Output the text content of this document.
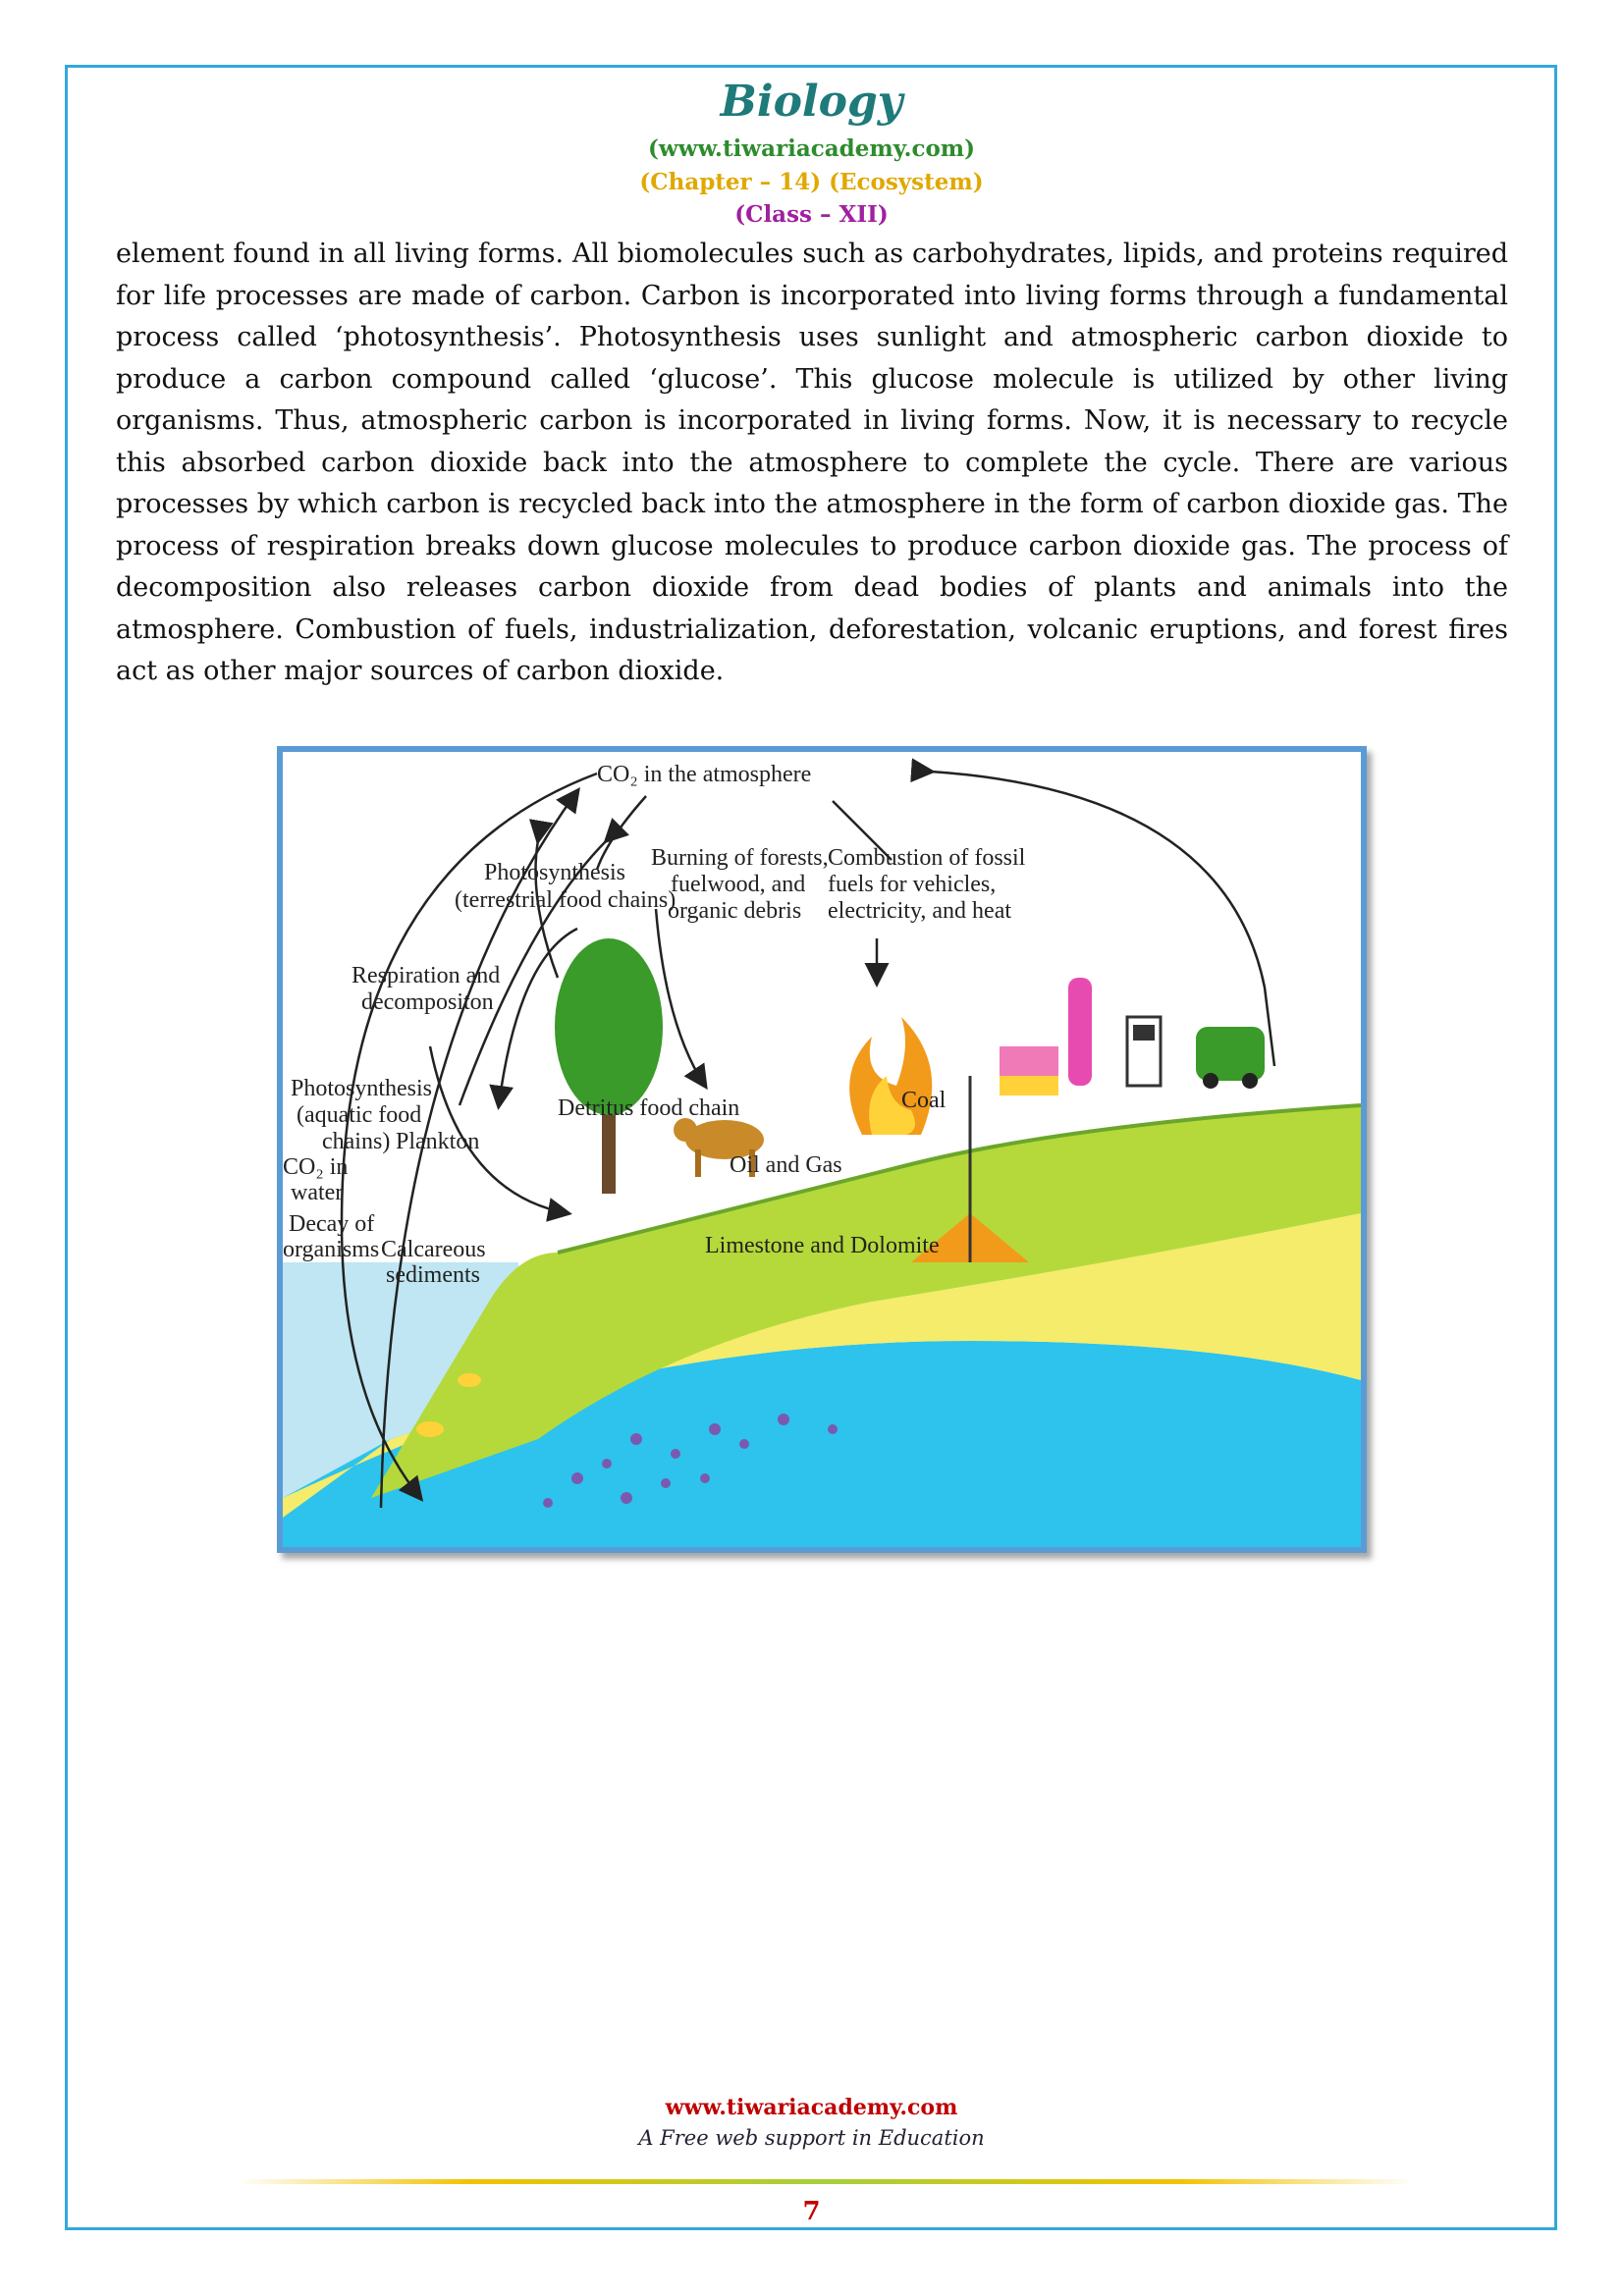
Biology
(www.tiwariacademy.com)
(Chapter – 14) (Ecosystem)
(Class – XII)
element found in all living forms. All biomolecules such as carbohydrates, lipids, and proteins required for life processes are made of carbon. Carbon is incorporated into living forms through a fundamental process called ‘photosynthesis’. Photosynthesis uses sunlight and atmospheric carbon dioxide to produce a carbon compound called ‘glucose’. This glucose molecule is utilized by other living organisms. Thus, atmospheric carbon is incorporated in living forms. Now, it is necessary to recycle this absorbed carbon dioxide back into the atmosphere to complete the cycle. There are various processes by which carbon is recycled back into the atmosphere in the form of carbon dioxide gas. The process of respiration breaks down glucose molecules to produce carbon dioxide gas. The process of decomposition also releases carbon dioxide from dead bodies of plants and animals into the atmosphere. Combustion of fuels, industrialization, deforestation, volcanic eruptions, and forest fires act as other major sources of carbon dioxide.
CO₂ in the atmosphere
Photosynthesis
(terrestrial food chains)
Burning of forests,
fuelwood, and
organic debris
Combustion of fossil
fuels for vehicles,
electricity, and heat
Respiration and
decompositon
Photosynthesis
(aquatic food
chains) Plankton
CO₂ in
water
Decay of
organisms Calcareous
sediments
Detritus food chain	Coal
Oil and Gas
Limestone and Dolomite
www.tiwariacademy.com
A Free web support in Education
7
